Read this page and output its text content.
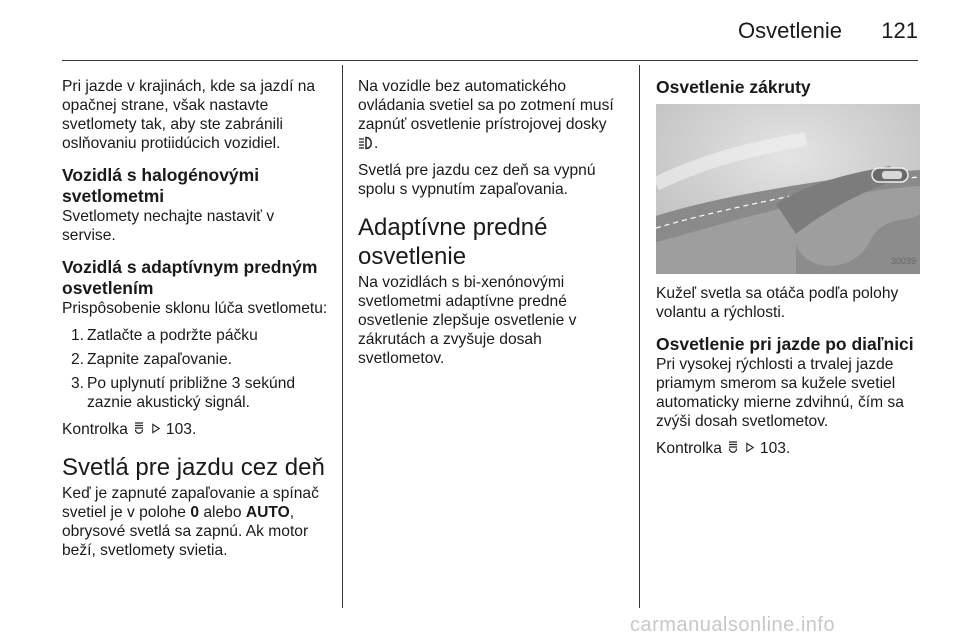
Osvetlenie 121

Pri jazde v krajinách, kde sa jazdí na opačnej strane, však nastavte svetlomety tak, aby ste zabránili oslňovaniu protiidúcich vozidiel.

Vozidlá s halogénovými svetlometmi

Svetlomety nechajte nastaviť v servise.

Vozidlá s adaptívnym predným osvetlením

Prispôsobenie sklonu lúča svetlometu:

1. Zatlačte a podržte páčku
2. Zapnite zapaľovanie.
3. Po uplynutí približne 3 sekúnd zaznie akustický signál.

Kontrolka 103.

Svetlá pre jazdu cez deň

Keď je zapnuté zapaľovanie a spínač svetiel je v polohe 0 alebo AUTO, obrysové svetlá sa zapnú. Ak motor beží, svetlomety svietia.

Na vozidle bez automatického ovládania svetiel sa po zotmení musí zapnúť osvetlenie prístrojovej dosky .

Svetlá pre jazdu cez deň sa vypnú spolu s vypnutím zapaľovania.

Adaptívne predné osvetlenie

Na vozidlách s bi-xenónovými svetlometmi adaptívne predné osvetlenie zlepšuje osvetlenie v zákrutách a zvyšuje dosah svetlometov.

Osvetlenie zákruty
30039

Kužeľ svetla sa otáča podľa polohy volantu a rýchlosti.

Osvetlenie pri jazde po diaľnici

Pri vysokej rýchlosti a trvalej jazde priamym smerom sa kužele svetiel automaticky mierne zdvihnú, čím sa zvýši dosah svetlometov.

Kontrolka 103.

carmanualsonline.info
